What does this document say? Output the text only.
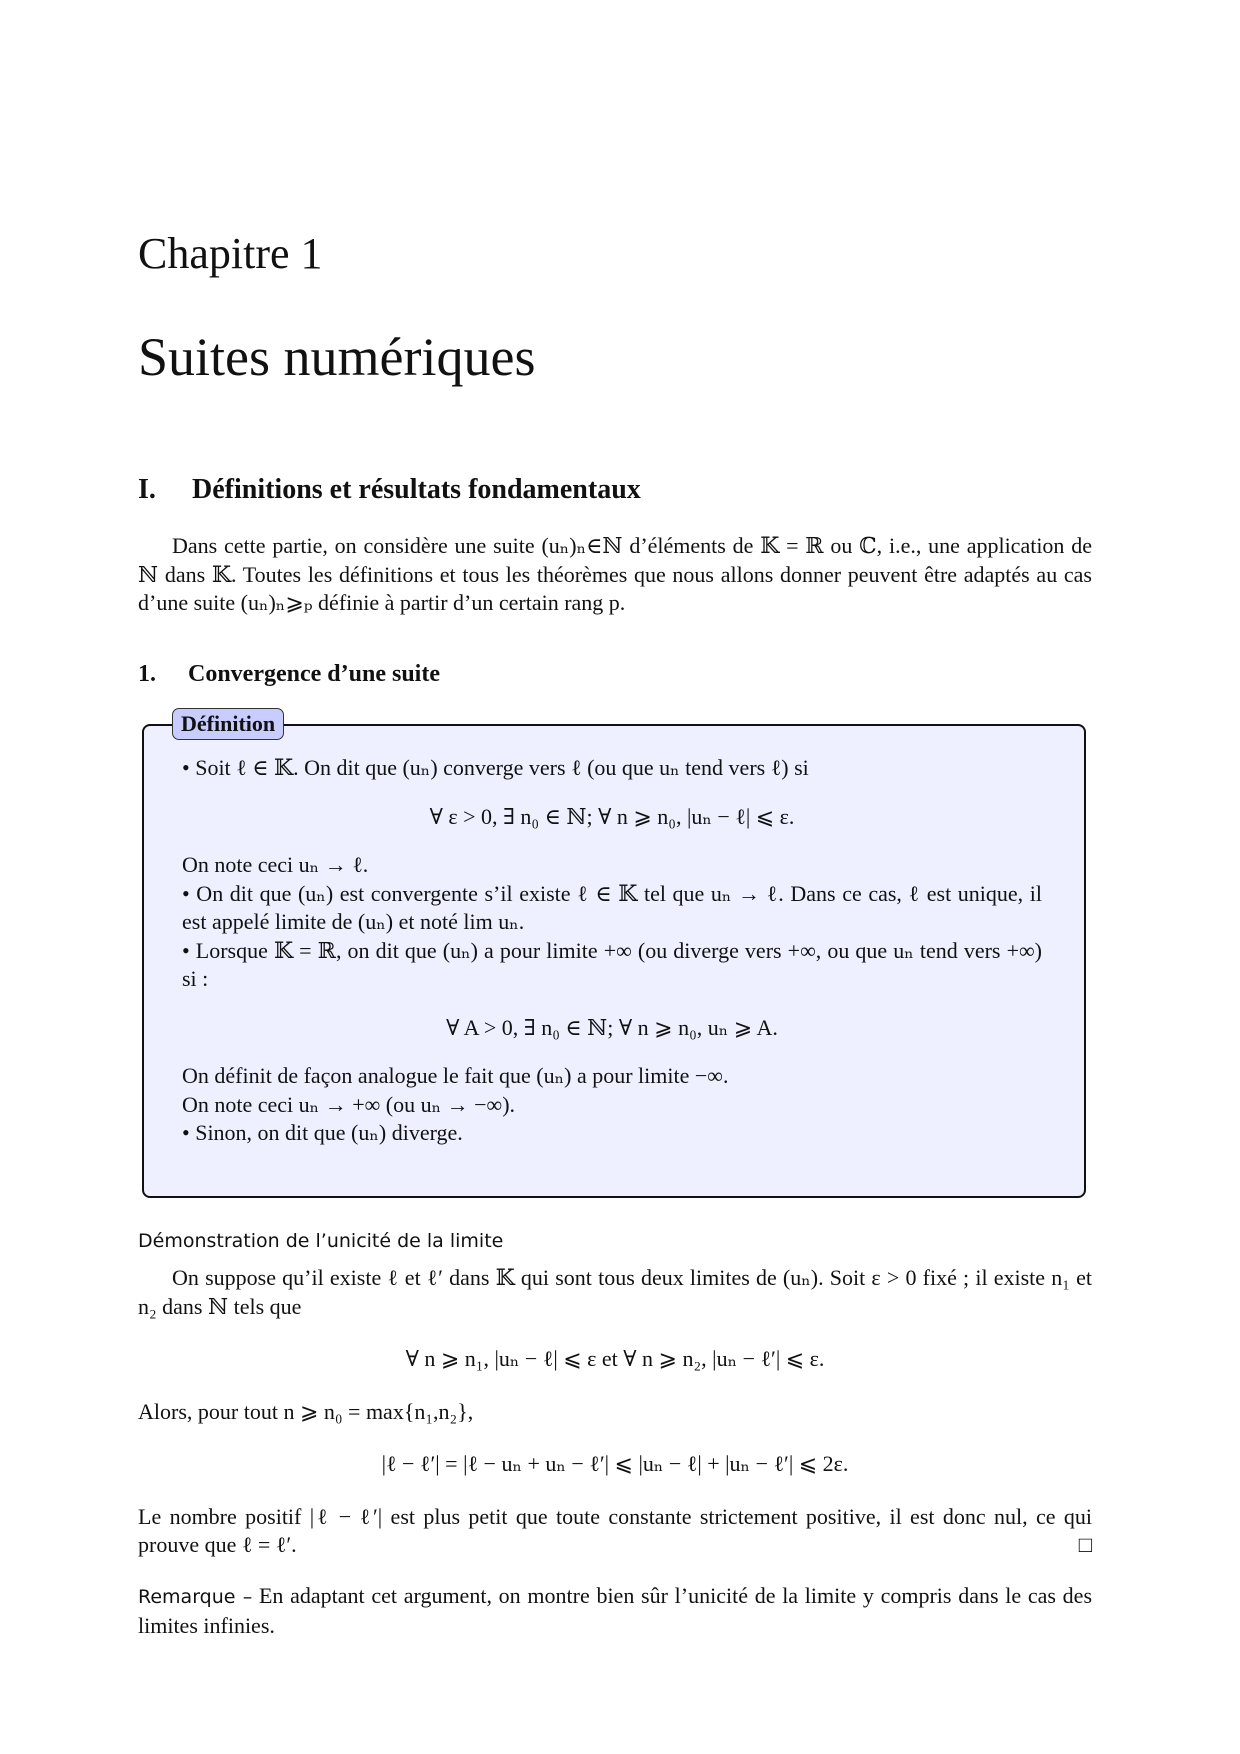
Chapitre 1
Suites numériques
I. Définitions et résultats fondamentaux

Dans cette partie, on considère une suite (uₙ)ₙ∈ℕ d’éléments de 𝕂 = ℝ ou ℂ, i.e., une application de ℕ dans 𝕂. Toutes les définitions et tous les théorèmes que nous allons donner peuvent être adaptés au cas d’une suite (uₙ)ₙ⩾ₚ définie à partir d’un certain rang p.

1. Convergence d’une suite
Définition

• Soit ℓ ∈ 𝕂. On dit que (uₙ) converge vers ℓ (ou que uₙ tend vers ℓ) si

∀ ε > 0, ∃ n₀ ∈ ℕ; ∀ n ⩾ n₀, |uₙ − ℓ| ⩽ ε.

On note ceci uₙ → ℓ.

• On dit que (uₙ) est convergente s’il existe ℓ ∈ 𝕂 tel que uₙ → ℓ. Dans ce cas, ℓ est unique, il est appelé limite de (uₙ) et noté lim uₙ.

• Lorsque 𝕂 = ℝ, on dit que (uₙ) a pour limite +∞ (ou diverge vers +∞, ou que uₙ tend vers +∞) si :

∀ A > 0, ∃ n₀ ∈ ℕ; ∀ n ⩾ n₀, uₙ ⩾ A.

On définit de façon analogue le fait que (uₙ) a pour limite −∞.

On note ceci uₙ → +∞ (ou uₙ → −∞).

• Sinon, on dit que (uₙ) diverge.

Démonstration de l’unicité de la limite

On suppose qu’il existe ℓ et ℓ′ dans 𝕂 qui sont tous deux limites de (uₙ). Soit ε > 0 fixé ; il existe n₁ et n₂ dans ℕ tels que

∀ n ⩾ n₁, |uₙ − ℓ| ⩽ ε et ∀ n ⩾ n₂, |uₙ − ℓ′| ⩽ ε.

Alors, pour tout n ⩾ n₀ = max{n₁,n₂},

|ℓ − ℓ′| = |ℓ − uₙ + uₙ − ℓ′| ⩽ |uₙ − ℓ| + |uₙ − ℓ′| ⩽ 2ε.

Le nombre positif |ℓ − ℓ′| est plus petit que toute constante strictement positive, il est donc nul, ce qui prouve que ℓ = ℓ′.	□

Remarque – En adaptant cet argument, on montre bien sûr l’unicité de la limite y compris dans le cas des limites infinies.
